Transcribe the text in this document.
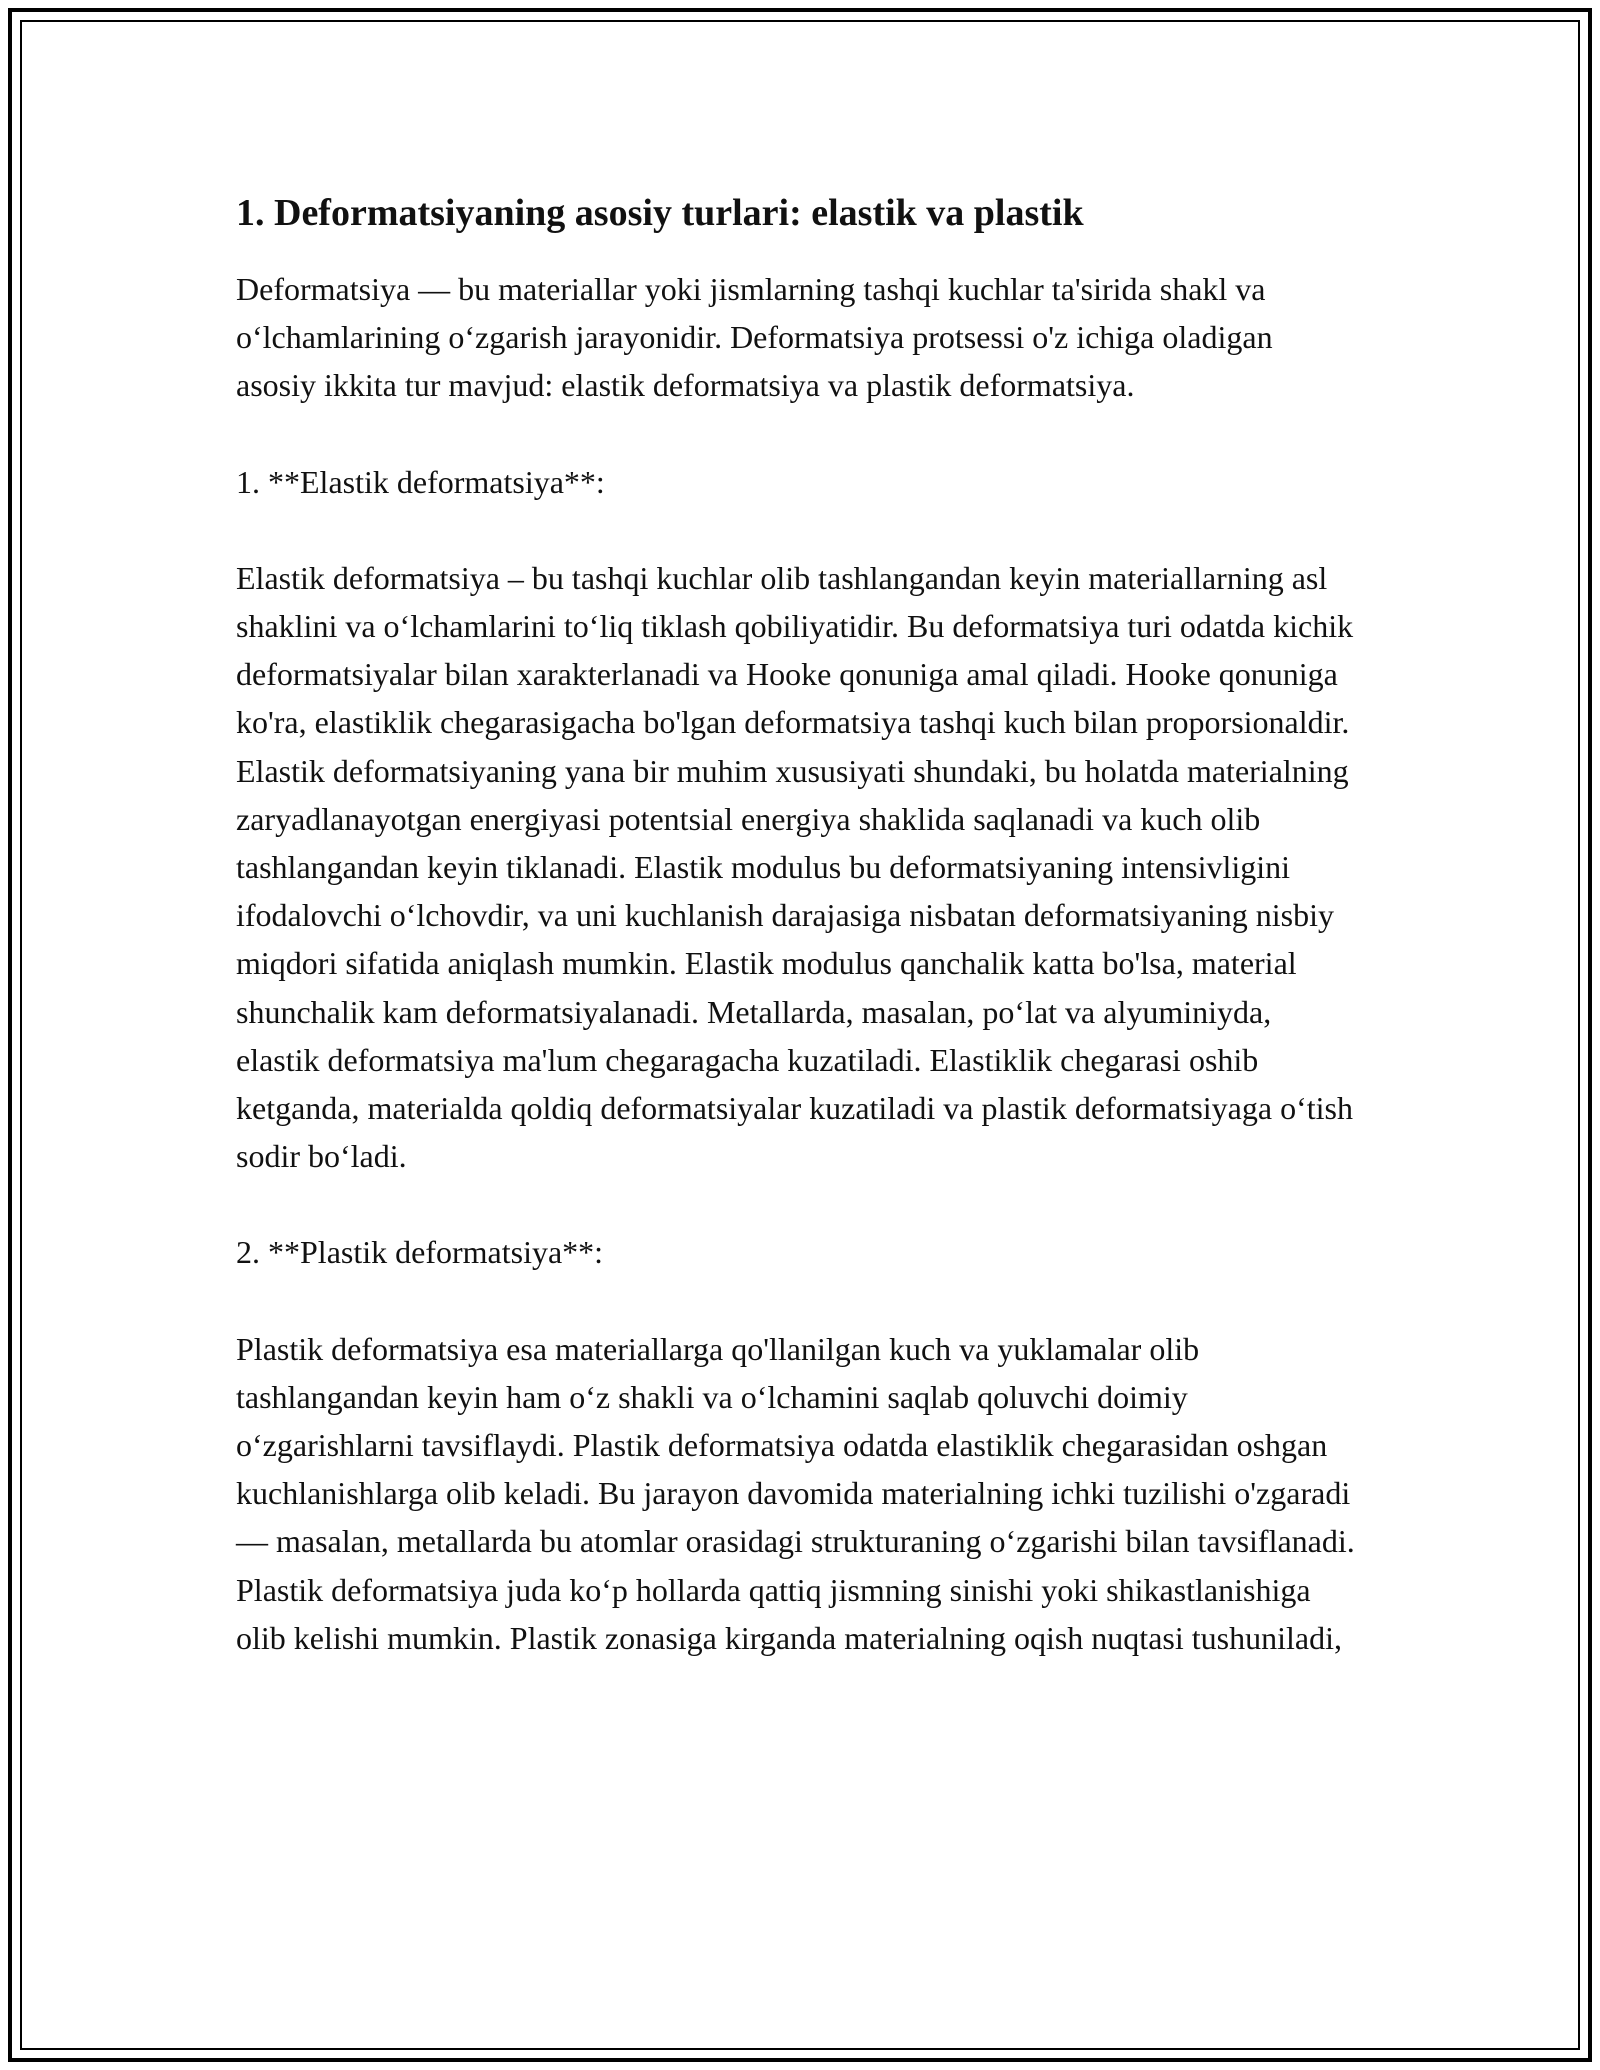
1. Deformatsiyaning asosiy turlari: elastik va plastik

Deformatsiya — bu materiallar yoki jismlarning tashqi kuchlar ta'sirida shakl va o‘lchamlarining o‘zgarish jarayonidir. Deformatsiya protsessi o'z ichiga oladigan asosiy ikkita tur mavjud: elastik deformatsiya va plastik deformatsiya.

1. **Elastik deformatsiya**:

Elastik deformatsiya – bu tashqi kuchlar olib tashlangandan keyin materiallarning asl shaklini va o‘lchamlarini to‘liq tiklash qobiliyatidir. Bu deformatsiya turi odatda kichik deformatsiyalar bilan xarakterlanadi va Hooke qonuniga amal qiladi. Hooke qonuniga ko'ra, elastiklik chegarasigacha bo'lgan deformatsiya tashqi kuch bilan proporsionaldir. Elastik deformatsiyaning yana bir muhim xususiyati shundaki, bu holatda materialning zaryadlanayotgan energiyasi potentsial energiya shaklida saqlanadi va kuch olib tashlangandan keyin tiklanadi. Elastik modulus bu deformatsiyaning intensivligini ifodalovchi o‘lchovdir, va uni kuchlanish darajasiga nisbatan deformatsiyaning nisbiy miqdori sifatida aniqlash mumkin. Elastik modulus qanchalik katta bo'lsa, material shunchalik kam deformatsiyalanadi. Metallarda, masalan, po‘lat va alyuminiyda, elastik deformatsiya ma'lum chegaragacha kuzatiladi. Elastiklik chegarasi oshib ketganda, materialda qoldiq deformatsiyalar kuzatiladi va plastik deformatsiyaga o‘tish sodir bo‘ladi.

2. **Plastik deformatsiya**:

Plastik deformatsiya esa materiallarga qo'llanilgan kuch va yuklamalar olib tashlangandan keyin ham o‘z shakli va o‘lchamini saqlab qoluvchi doimiy o‘zgarishlarni tavsiflaydi. Plastik deformatsiya odatda elastiklik chegarasidan oshgan kuchlanishlarga olib keladi. Bu jarayon davomida materialning ichki tuzilishi o'zgaradi — masalan, metallarda bu atomlar orasidagi strukturaning o‘zgarishi bilan tavsiflanadi. Plastik deformatsiya juda ko‘p hollarda qattiq jismning sinishi yoki shikastlanishiga olib kelishi mumkin. Plastik zonasiga kirganda materialning oqish nuqtasi tushuniladi,
